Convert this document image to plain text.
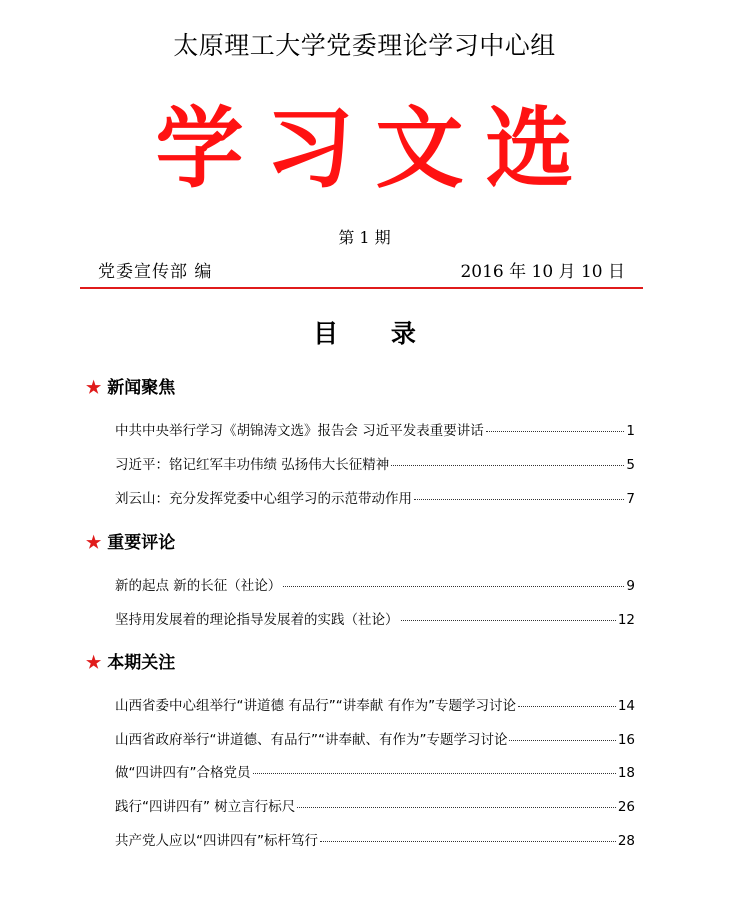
太原理工大学党委理论学习中心组
学习文选
第 1 期
党委宣传部 编	2016 年 10 月 10 日
目 录
★ 新闻聚焦
中共中央举行学习《胡锦涛文选》报告会 习近平发表重要讲话	1
习近平：铭记红军丰功伟绩 弘扬伟大长征精神	5
刘云山：充分发挥党委中心组学习的示范带动作用	7
★ 重要评论
新的起点 新的长征（社论）	9
坚持用发展着的理论指导发展着的实践（社论）	12
★ 本期关注
山西省委中心组举行“讲道德 有品行”“讲奉献 有作为”专题学习讨论	14
山西省政府举行“讲道德、有品行”“讲奉献、有作为”专题学习讨论	16
做“四讲四有”合格党员	18
践行“四讲四有” 树立言行标尺	26
共产党人应以“四讲四有”标杆笃行	28
